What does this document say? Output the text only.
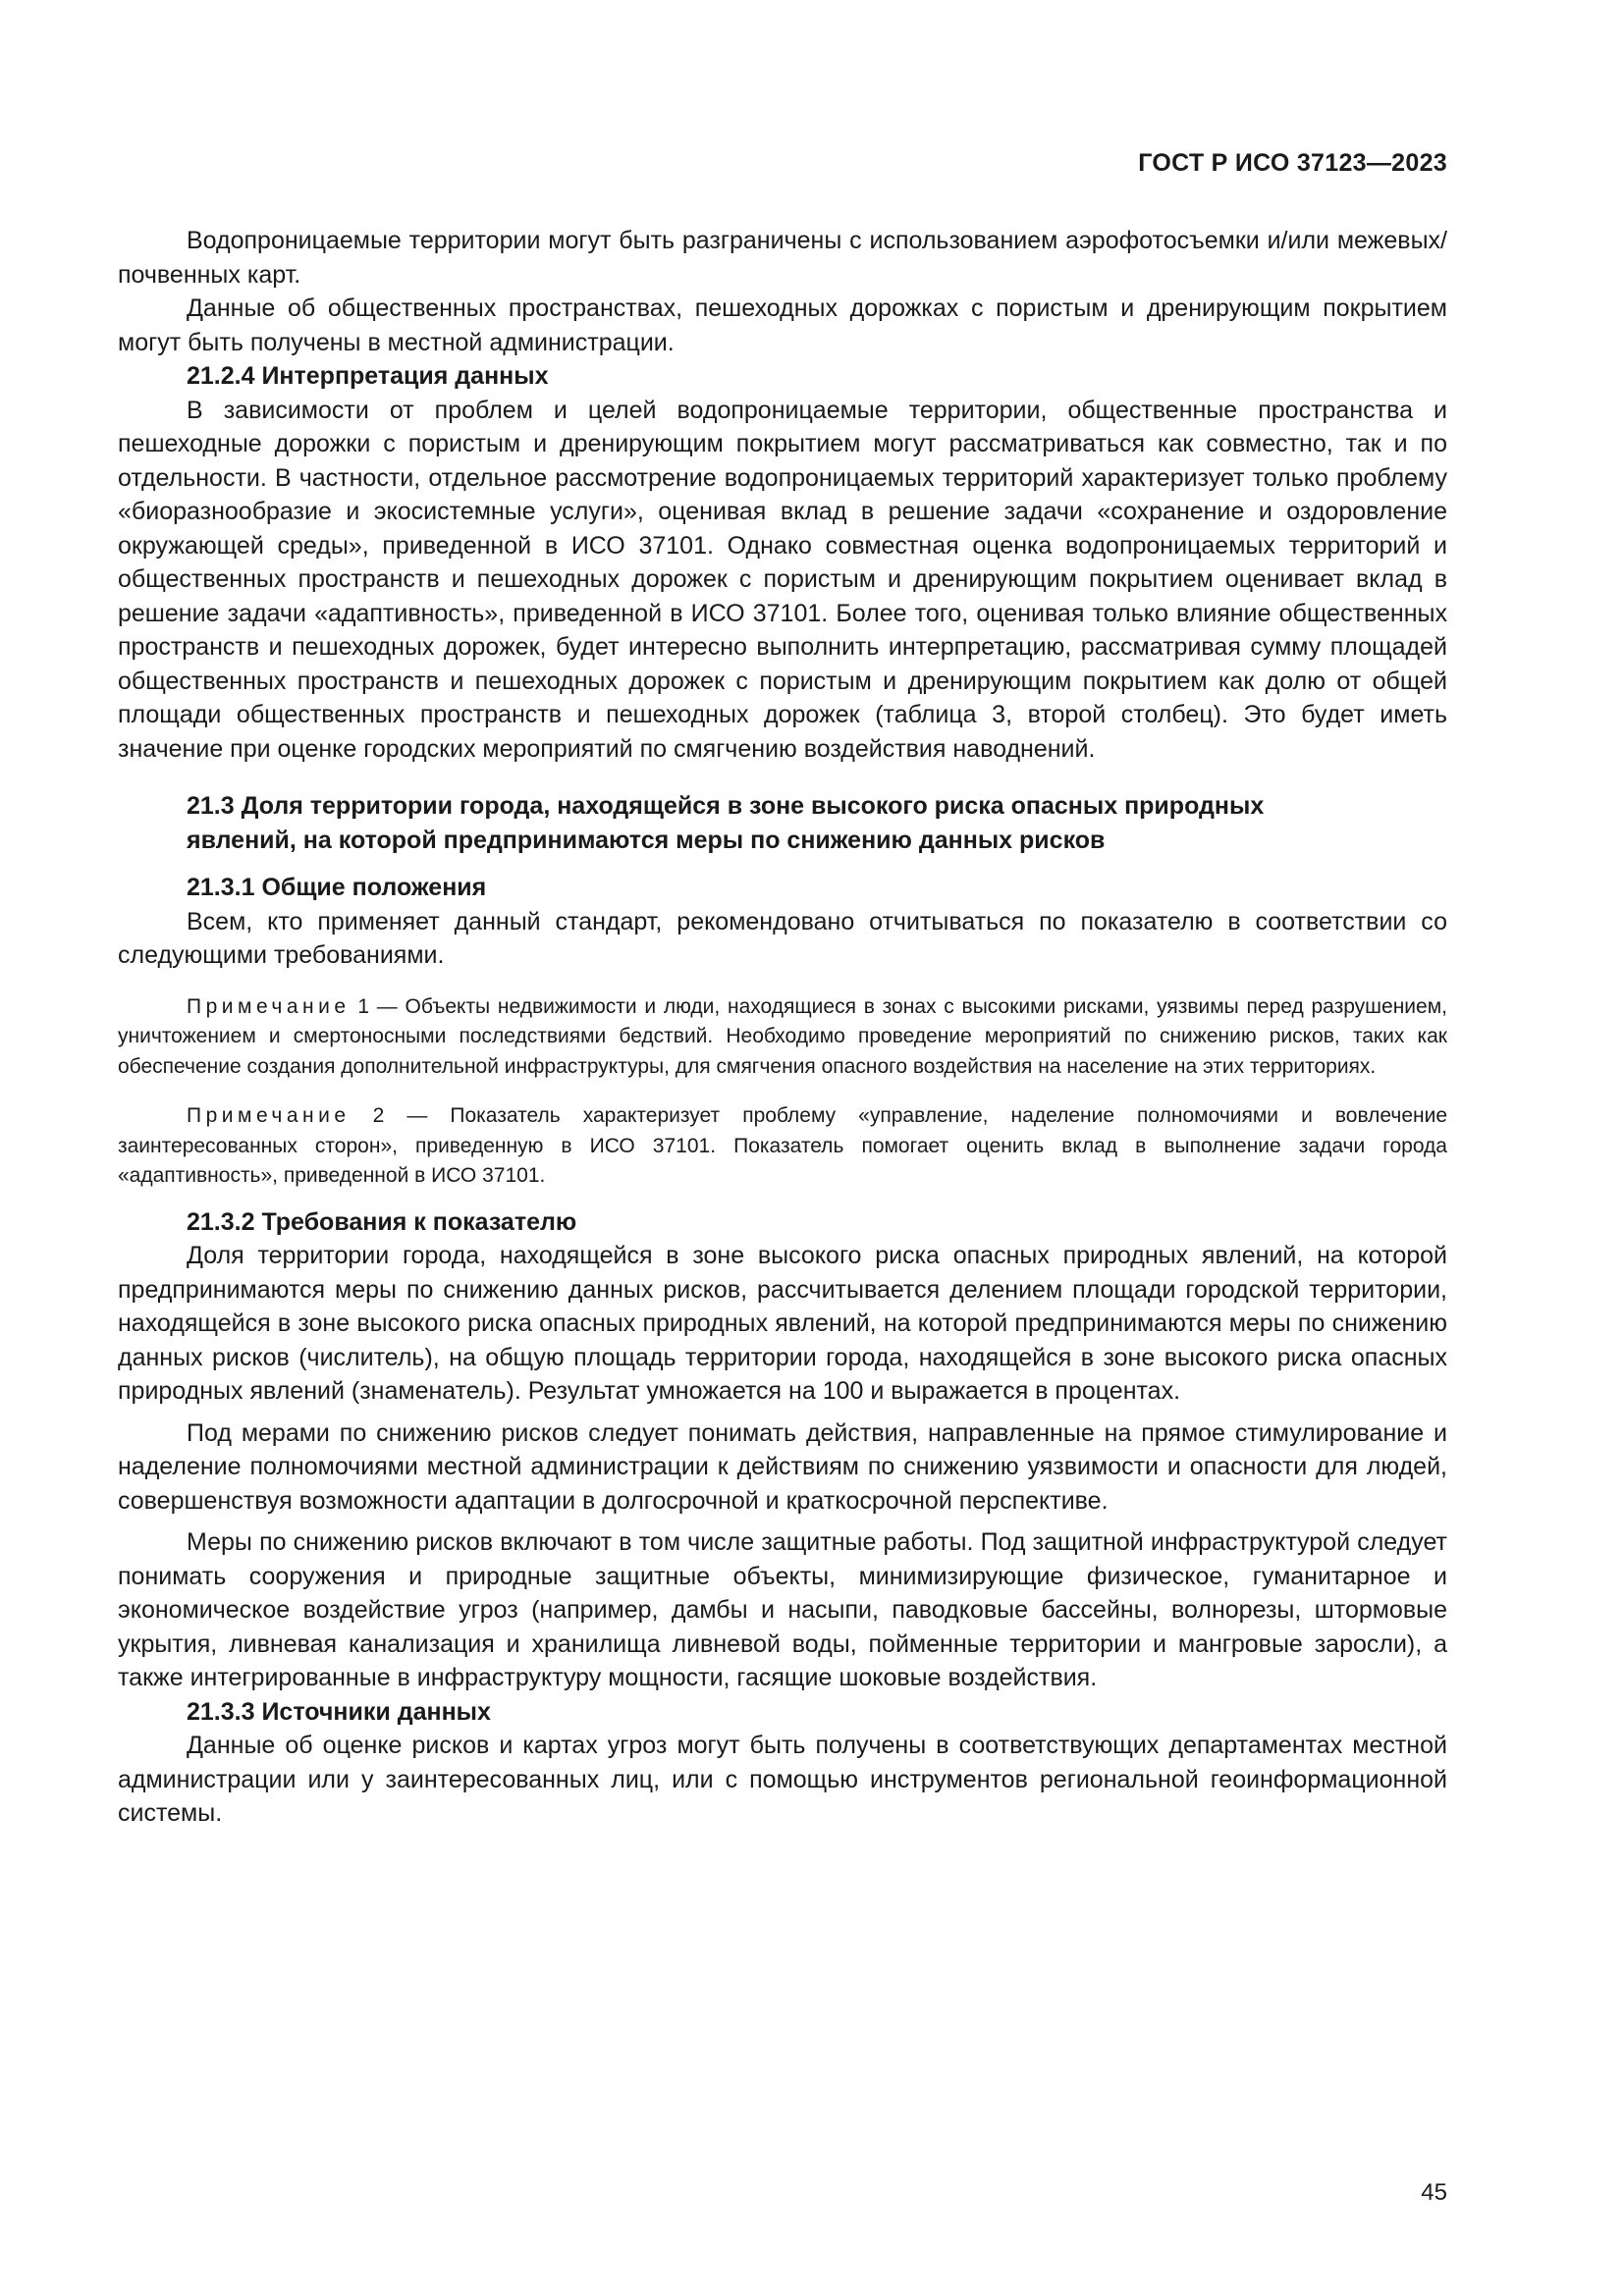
ГОСТ Р ИСО 37123—2023

Водопроницаемые территории могут быть разграничены с использованием аэрофотосъемки и/или межевых/почвенных карт.

Данные об общественных пространствах, пешеходных дорожках с пористым и дренирующим покрытием могут быть получены в местной администрации.

21.2.4 Интерпретация данных

В зависимости от проблем и целей водопроницаемые территории, общественные пространства и пешеходные дорожки с пористым и дренирующим покрытием могут рассматриваться как совместно, так и по отдельности. В частности, отдельное рассмотрение водопроницаемых территорий характеризует только проблему «биоразнообразие и экосистемные услуги», оценивая вклад в решение задачи «сохранение и оздоровление окружающей среды», приведенной в ИСО 37101. Однако совместная оценка водопроницаемых территорий и общественных пространств и пешеходных дорожек с пористым и дренирующим покрытием оценивает вклад в решение задачи «адаптивность», приведенной в ИСО 37101. Более того, оценивая только влияние общественных пространств и пешеходных дорожек, будет интересно выполнить интерпретацию, рассматривая сумму площадей общественных пространств и пешеходных дорожек с пористым и дренирующим покрытием как долю от общей площади общественных пространств и пешеходных дорожек (таблица 3, второй столбец). Это будет иметь значение при оценке городских мероприятий по смягчению воздействия наводнений.

21.3 Доля территории города, находящейся в зоне высокого риска опасных природных
явлений, на которой предпринимаются меры по снижению данных рисков

21.3.1 Общие положения

Всем, кто применяет данный стандарт, рекомендовано отчитываться по показателю в соответствии со следующими требованиями.

Примечание 1 — Объекты недвижимости и люди, находящиеся в зонах с высокими рисками, уязвимы перед разрушением, уничтожением и смертоносными последствиями бедствий. Необходимо проведение мероприятий по снижению рисков, таких как обеспечение создания дополнительной инфраструктуры, для смягчения опасного воздействия на население на этих территориях.

Примечание 2 — Показатель характеризует проблему «управление, наделение полномочиями и вовлечение заинтересованных сторон», приведенную в ИСО 37101. Показатель помогает оценить вклад в выполнение задачи города «адаптивность», приведенной в ИСО 37101.

21.3.2 Требования к показателю

Доля территории города, находящейся в зоне высокого риска опасных природных явлений, на которой предпринимаются меры по снижению данных рисков, рассчитывается делением площади городской территории, находящейся в зоне высокого риска опасных природных явлений, на которой предпринимаются меры по снижению данных рисков (числитель), на общую площадь территории города, находящейся в зоне высокого риска опасных природных явлений (знаменатель). Результат умножается на 100 и выражается в процентах.

Под мерами по снижению рисков следует понимать действия, направленные на прямое стимулирование и наделение полномочиями местной администрации к действиям по снижению уязвимости и опасности для людей, совершенствуя возможности адаптации в долгосрочной и краткосрочной перспективе.

Меры по снижению рисков включают в том числе защитные работы. Под защитной инфраструктурой следует понимать сооружения и природные защитные объекты, минимизирующие физическое, гуманитарное и экономическое воздействие угроз (например, дамбы и насыпи, паводковые бассейны, волнорезы, штормовые укрытия, ливневая канализация и хранилища ливневой воды, пойменные территории и мангровые заросли), а также интегрированные в инфраструктуру мощности, гасящие шоковые воздействия.

21.3.3 Источники данных

Данные об оценке рисков и картах угроз могут быть получены в соответствующих департаментах местной администрации или у заинтересованных лиц, или с помощью инструментов региональной геоинформационной системы.

45
